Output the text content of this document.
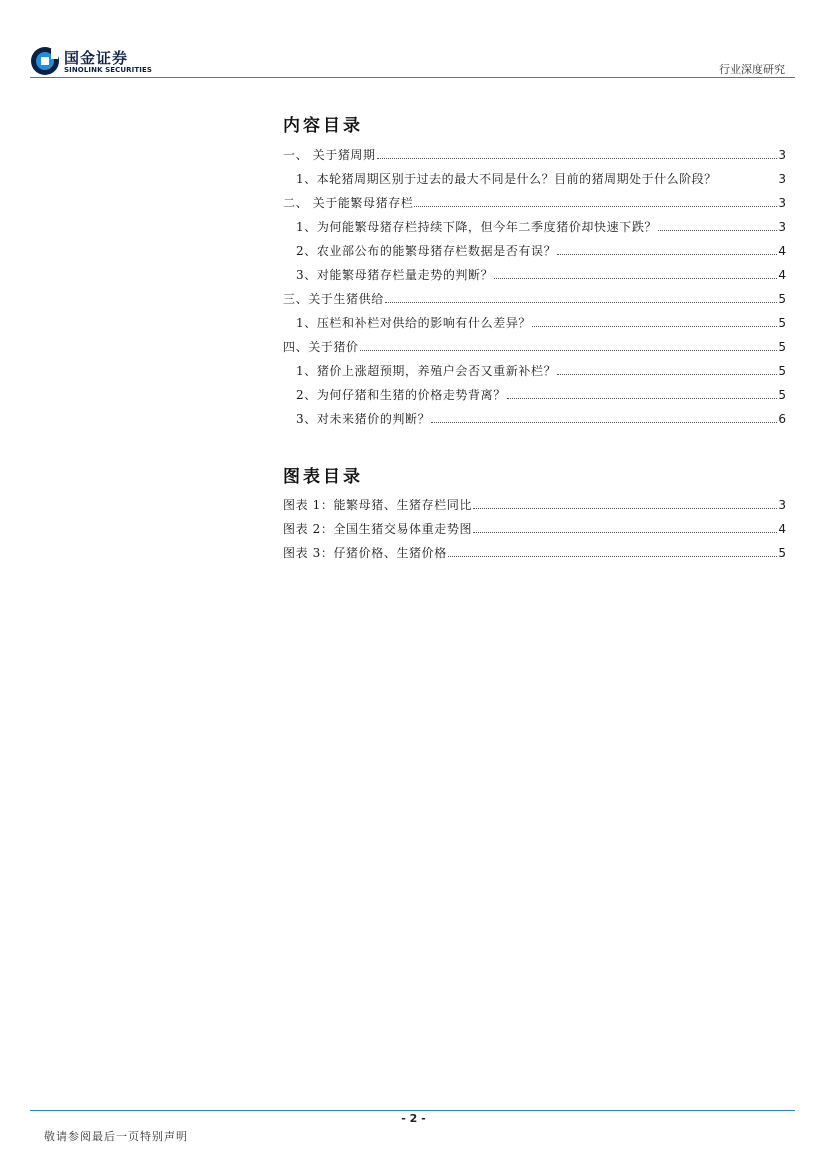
国金证券
SINOLINK SECURITIES	行业深度研究
内容目录
一、 关于猪周期	3
1、本轮猪周期区别于过去的最大不同是什么？目前的猪周期处于什么阶段？	3
二、 关于能繁母猪存栏	3
1、为何能繁母猪存栏持续下降，但今年二季度猪价却快速下跌？	3
2、农业部公布的能繁母猪存栏数据是否有误？	4
3、对能繁母猪存栏量走势的判断？	4
三、关于生猪供给	5
1、压栏和补栏对供给的影响有什么差异？	5
四、关于猪价	5
1、猪价上涨超预期，养殖户会否又重新补栏？	5
2、为何仔猪和生猪的价格走势背离？	5
3、对未来猪价的判断？	6
图表目录
图表 1：能繁母猪、生猪存栏同比	3
图表 2：全国生猪交易体重走势图	4
图表 3：仔猪价格、生猪价格	5
- 2 -
敬请参阅最后一页特别声明
